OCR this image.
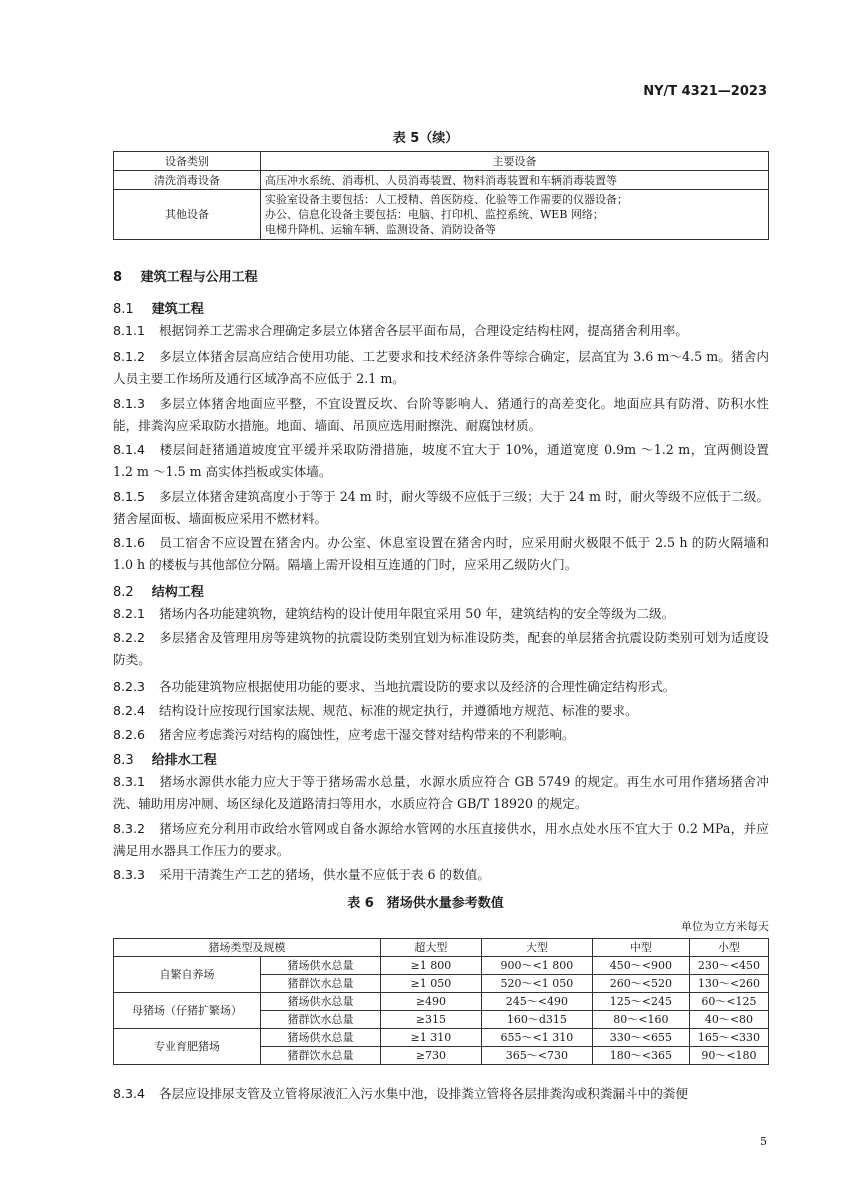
NY/T 4321—2023
表 5（续）
设备类别	主要设备
清洗消毒设备	高压冲水系统、消毒机、人员消毒装置、物料消毒装置和车辆消毒装置等
其他设备	实验室设备主要包括：人工授精、兽医防疫、化验等工作需要的仪器设备；
办公、信息化设备主要包括：电脑、打印机、监控系统、WEB 网络；
电梯升降机、运输车辆、监测设备、消防设备等
8 建筑工程与公用工程
8.1 建筑工程
8.1.1 根据饲养工艺需求合理确定多层立体猪舍各层平面布局，合理设定结构柱网，提高猪舍利用率。
8.1.2 多层立体猪舍层高应结合使用功能、工艺要求和技术经济条件等综合确定，层高宜为 3.6 m～4.5 m。猪舍内人员主要工作场所及通行区域净高不应低于 2.1 m。
8.1.3 多层立体猪舍地面应平整，不宜设置反坎、台阶等影响人、猪通行的高差变化。地面应具有防滑、防积水性能，排粪沟应采取防水措施。地面、墙面、吊顶应选用耐擦洗、耐腐蚀材质。
8.1.4 楼层间赶猪通道坡度宜平缓并采取防滑措施，坡度不宜大于 10%，通道宽度 0.9m ～1.2 m，宜两侧设置 1.2 m ～1.5 m 高实体挡板或实体墙。
8.1.5 多层立体猪舍建筑高度小于等于 24 m 时，耐火等级不应低于三级；大于 24 m 时，耐火等级不应低于二级。猪舍屋面板、墙面板应采用不燃材料。
8.1.6 员工宿舍不应设置在猪舍内。办公室、休息室设置在猪舍内时，应采用耐火极限不低于 2.5 h 的防火隔墙和 1.0 h 的楼板与其他部位分隔。隔墙上需开设相互连通的门时，应采用乙级防火门。
8.2 结构工程
8.2.1 猪场内各功能建筑物，建筑结构的设计使用年限宜采用 50 年，建筑结构的安全等级为二级。
8.2.2 多层猪舍及管理用房等建筑物的抗震设防类别宜划为标准设防类，配套的单层猪舍抗震设防类别可划为适度设防类。
8.2.3 各功能建筑物应根据使用功能的要求、当地抗震设防的要求以及经济的合理性确定结构形式。
8.2.4 结构设计应按现行国家法规、规范、标准的规定执行，并遵循地方规范、标准的要求。
8.2.6 猪舍应考虑粪污对结构的腐蚀性，应考虑干湿交替对结构带来的不利影响。
8.3 给排水工程
8.3.1 猪场水源供水能力应大于等于猪场需水总量，水源水质应符合 GB 5749 的规定。再生水可用作猪场猪舍冲洗、辅助用房冲厕、场区绿化及道路清扫等用水，水质应符合 GB/T 18920 的规定。
8.3.2 猪场应充分利用市政给水管网或自备水源给水管网的水压直接供水，用水点处水压不宜大于 0.2 MPa，并应满足用水器具工作压力的要求。
8.3.3 采用干清粪生产工艺的猪场，供水量不应低于表 6 的数值。
表 6　猪场供水量参考数值
单位为立方米每天
猪场类型及规模		超大型	大型	中型	小型
自繁自养场	猪场供水总量	≥1 800	900～<1 800	450～<900	230～<450
	猪群饮水总量	≥1 050	520～<1 050	260～<520	130～<260
母猪场（仔猪扩繁场）	猪场供水总量	≥490	245～<490	125～<245	60～<125
	猪群饮水总量	≥315	160～d315	80～<160	40～<80
专业育肥猪场	猪场供水总量	≥1 310	655～<1 310	330～<655	165～<330
	猪群饮水总量	≥730	365～<730	180～<365	90～<180
8.3.4 各层应设排尿支管及立管将尿液汇入污水集中池，设排粪立管将各层排粪沟或积粪漏斗中的粪便
5
